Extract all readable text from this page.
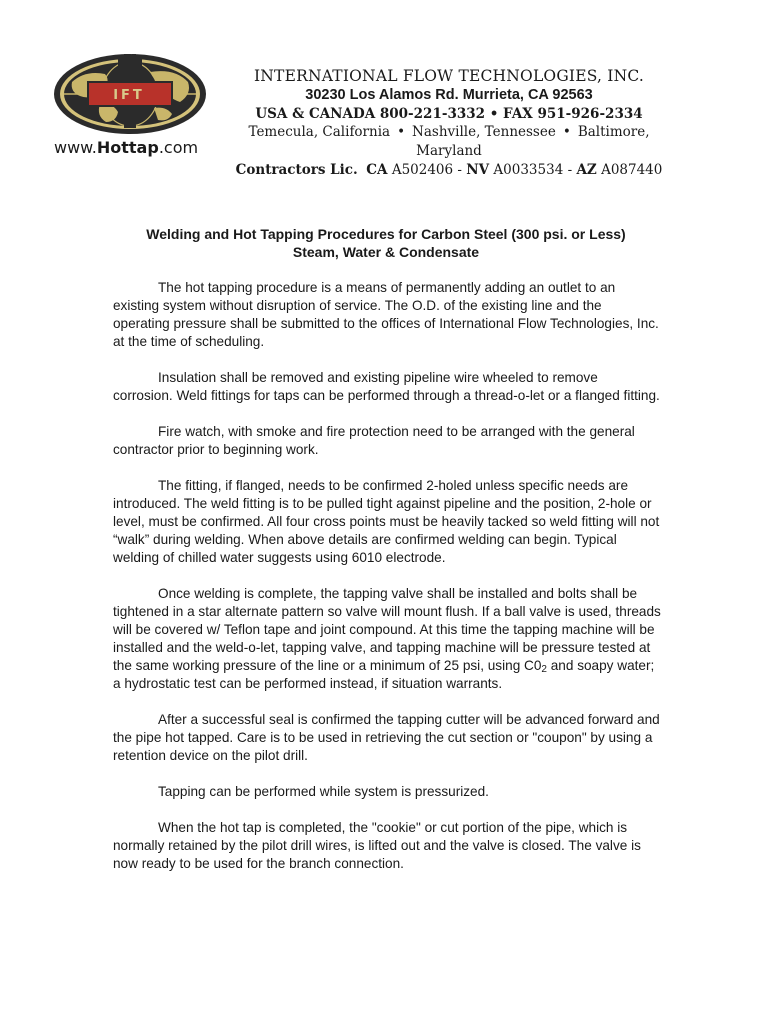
IFT
www.Hottap.com
INTERNATIONAL FLOW TECHNOLOGIES, INC.
30230 Los Alamos Rd. Murrieta, CA 92563
USA & CANADA 800-221-3332 • FAX 951-926-2334
Temecula, California • Nashville, Tennessee • Baltimore, Maryland
Contractors Lic. CA A502406 - NV A0033534 - AZ A087440
Welding and Hot Tapping Procedures for Carbon Steel (300 psi. or Less)
Steam, Water & Condensate

The hot tapping procedure is a means of permanently adding an outlet to an existing system without disruption of service. The O.D. of the existing line and the operating pressure shall be submitted to the offices of International Flow Technologies, Inc. at the time of scheduling.

Insulation shall be removed and existing pipeline wire wheeled to remove corrosion. Weld fittings for taps can be performed through a thread-o-let or a flanged fitting.

Fire watch, with smoke and fire protection need to be arranged with the general contractor prior to beginning work.

The fitting, if flanged, needs to be confirmed 2-holed unless specific needs are introduced. The weld fitting is to be pulled tight against pipeline and the position, 2-hole or level, must be confirmed. All four cross points must be heavily tacked so weld fitting will not “walk” during welding. When above details are confirmed welding can begin. Typical welding of chilled water suggests using 6010 electrode.

Once welding is complete, the tapping valve shall be installed and bolts shall be tightened in a star alternate pattern so valve will mount flush. If a ball valve is used, threads will be covered w/ Teflon tape and joint compound. At this time the tapping machine will be installed and the weld-o-let, tapping valve, and tapping machine will be pressure tested at the same working pressure of the line or a minimum of 25 psi, using $C0_2$ and soapy water; a hydrostatic test can be performed instead, if situation warrants.

After a successful seal is confirmed the tapping cutter will be advanced forward and the pipe hot tapped. Care is to be used in retrieving the cut section or "coupon" by using a retention device on the pilot drill.

Tapping can be performed while system is pressurized.

When the hot tap is completed, the "cookie" or cut portion of the pipe, which is normally retained by the pilot drill wires, is lifted out and the valve is closed. The valve is now ready to be used for the branch connection.
